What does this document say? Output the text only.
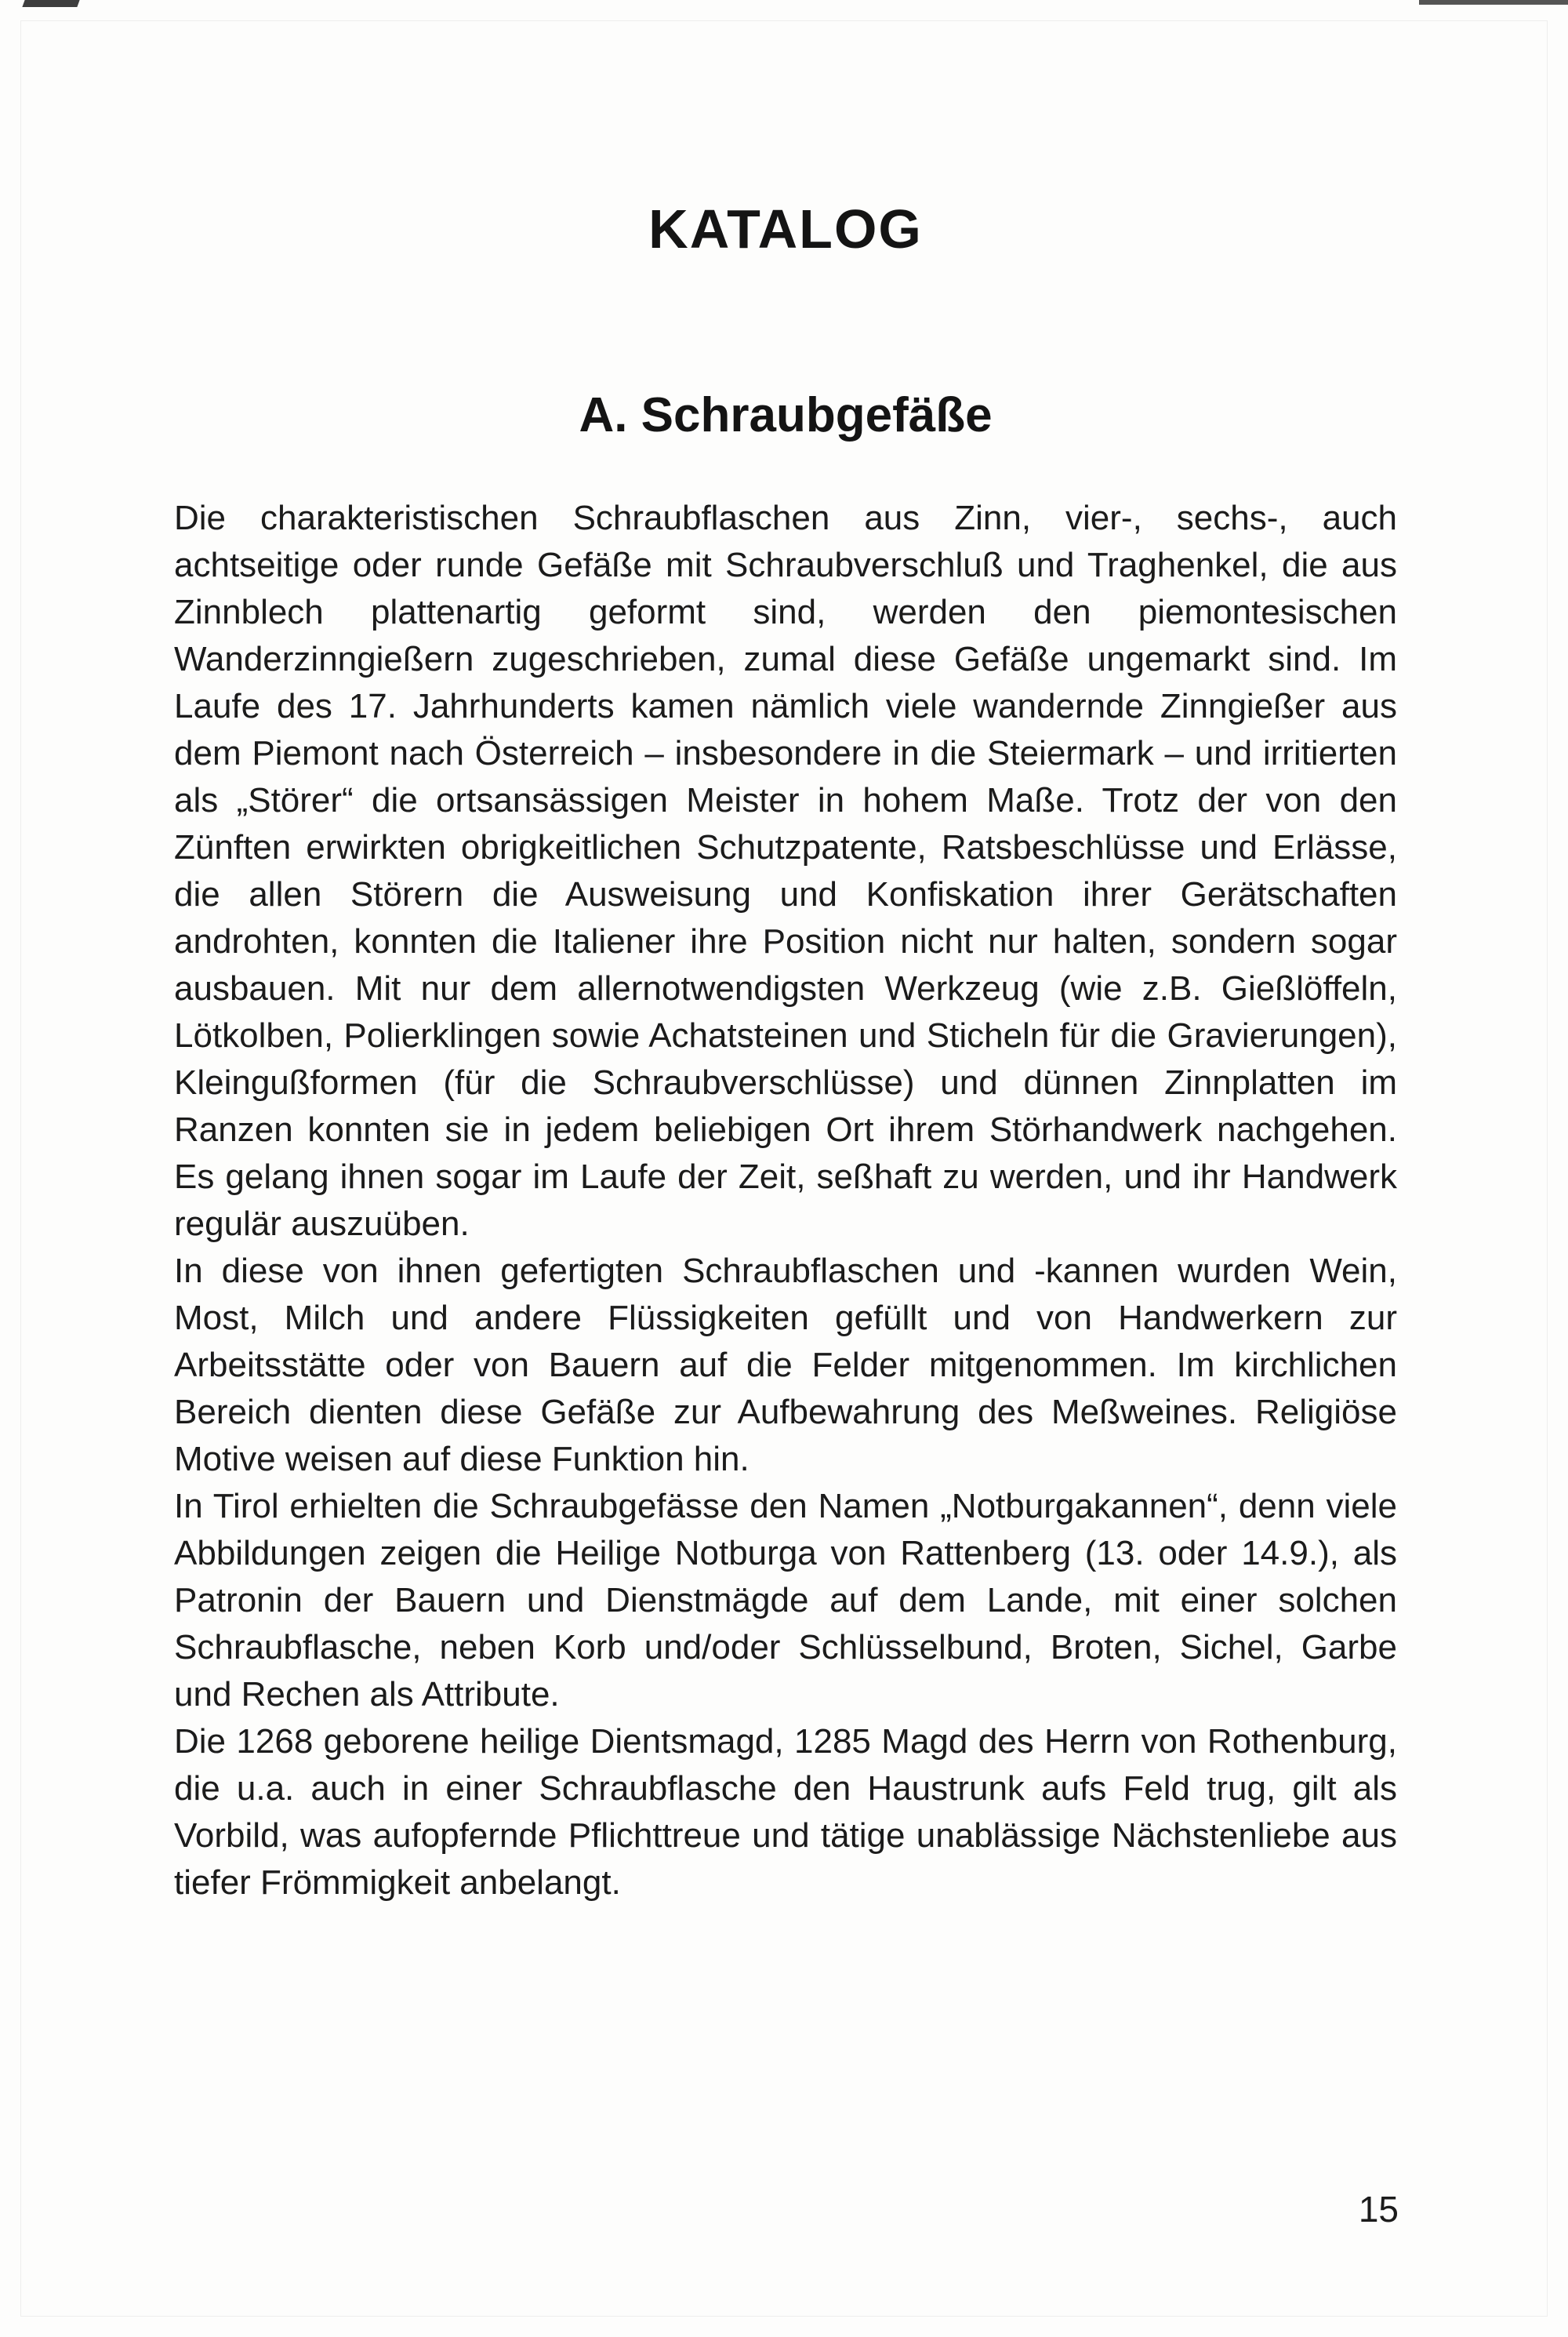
KATALOG
A. Schraubgefäße

Die charakteristischen Schraubflaschen aus Zinn, vier-, sechs-, auch achtseitige oder runde Gefäße mit Schraubverschluß und Traghenkel, die aus Zinnblech plattenartig geformt sind, werden den piemontesischen Wanderzinngießern zugeschrieben, zumal diese Gefäße ungemarkt sind. Im Laufe des 17. Jahrhunderts kamen nämlich viele wandernde Zinngießer aus dem Piemont nach Österreich – insbesondere in die Steiermark – und irritierten als „Störer“ die ortsansässigen Meister in hohem Maße. Trotz der von den Zünften erwirkten obrigkeitlichen Schutzpatente, Ratsbeschlüsse und Erlässe, die allen Störern die Ausweisung und Konfiskation ihrer Gerätschaften androhten, konnten die Italiener ihre Position nicht nur halten, sondern sogar ausbauen. Mit nur dem allernotwendigsten Werkzeug (wie z.B. Gießlöffeln, Lötkolben, Polierklingen sowie Achatsteinen und Sticheln für die Gravierungen), Kleingußformen (für die Schraubverschlüsse) und dünnen Zinnplatten im Ranzen konnten sie in jedem beliebigen Ort ihrem Störhandwerk nachgehen. Es gelang ihnen sogar im Laufe der Zeit, seßhaft zu werden, und ihr Handwerk regulär auszuüben.

In diese von ihnen gefertigten Schraubflaschen und -kannen wurden Wein, Most, Milch und andere Flüssigkeiten gefüllt und von Handwerkern zur Arbeitsstätte oder von Bauern auf die Felder mitgenommen. Im kirchlichen Bereich dienten diese Gefäße zur Aufbewahrung des Meßweines. Religiöse Motive weisen auf diese Funktion hin.

In Tirol erhielten die Schraubgefässe den Namen „Notburgakannen“, denn viele Abbildungen zeigen die Heilige Notburga von Rattenberg (13. oder 14.9.), als Patronin der Bauern und Dienstmägde auf dem Lande, mit einer solchen Schraubflasche, neben Korb und/oder Schlüsselbund, Broten, Sichel, Garbe und Rechen als Attribute.

Die 1268 geborene heilige Dientsmagd, 1285 Magd des Herrn von Rothenburg, die u.a. auch in einer Schraubflasche den Haustrunk aufs Feld trug, gilt als Vorbild, was aufopfernde Pflichttreue und tätige unablässige Nächstenliebe aus tiefer Frömmigkeit anbelangt.

15
